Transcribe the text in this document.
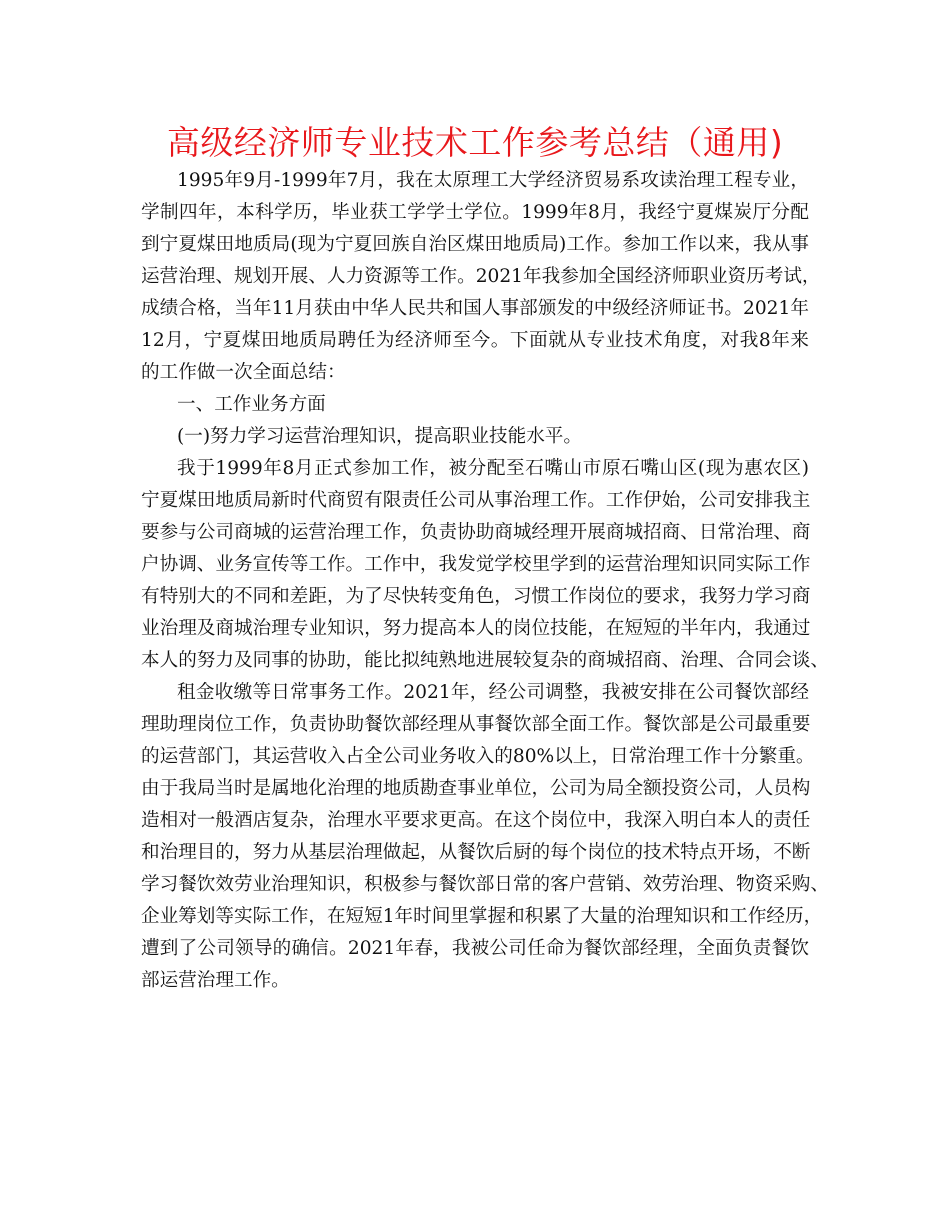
高级经济师专业技术工作参考总结（通用)
1995年9月-1999年7月，我在太原理工大学经济贸易系攻读治理工程专业，
学制四年，本科学历，毕业获工学学士学位。1999年8月，我经宁夏煤炭厅分配
到宁夏煤田地质局(现为宁夏回族自治区煤田地质局)工作。参加工作以来，我从事
运营治理、规划开展、人力资源等工作。2021年我参加全国经济师职业资历考试，
成绩合格，当年11月获由中华人民共和国人事部颁发的中级经济师证书。2021年
12月，宁夏煤田地质局聘任为经济师至今。下面就从专业技术角度，对我8年来
的工作做一次全面总结：
一、工作业务方面
(一)努力学习运营治理知识，提高职业技能水平。
我于1999年8月正式参加工作，被分配至石嘴山市原石嘴山区(现为惠农区)
宁夏煤田地质局新时代商贸有限责任公司从事治理工作。工作伊始，公司安排我主
要参与公司商城的运营治理工作，负责协助商城经理开展商城招商、日常治理、商
户协调、业务宣传等工作。工作中，我发觉学校里学到的运营治理知识同实际工作
有特别大的不同和差距，为了尽快转变角色，习惯工作岗位的要求，我努力学习商
业治理及商城治理专业知识，努力提高本人的岗位技能，在短短的半年内，我通过
本人的努力及同事的协助，能比拟纯熟地进展较复杂的商城招商、治理、合同会谈、
租金收缴等日常事务工作。2021年，经公司调整，我被安排在公司餐饮部经
理助理岗位工作，负责协助餐饮部经理从事餐饮部全面工作。餐饮部是公司最重要
的运营部门，其运营收入占全公司业务收入的80%以上，日常治理工作十分繁重。
由于我局当时是属地化治理的地质勘查事业单位，公司为局全额投资公司，人员构
造相对一般酒店复杂，治理水平要求更高。在这个岗位中，我深入明白本人的责任
和治理目的，努力从基层治理做起，从餐饮后厨的每个岗位的技术特点开场，不断
学习餐饮效劳业治理知识，积极参与餐饮部日常的客户营销、效劳治理、物资采购、
企业筹划等实际工作，在短短1年时间里掌握和积累了大量的治理知识和工作经历，
遭到了公司领导的确信。2021年春，我被公司任命为餐饮部经理，全面负责餐饮
部运营治理工作。
